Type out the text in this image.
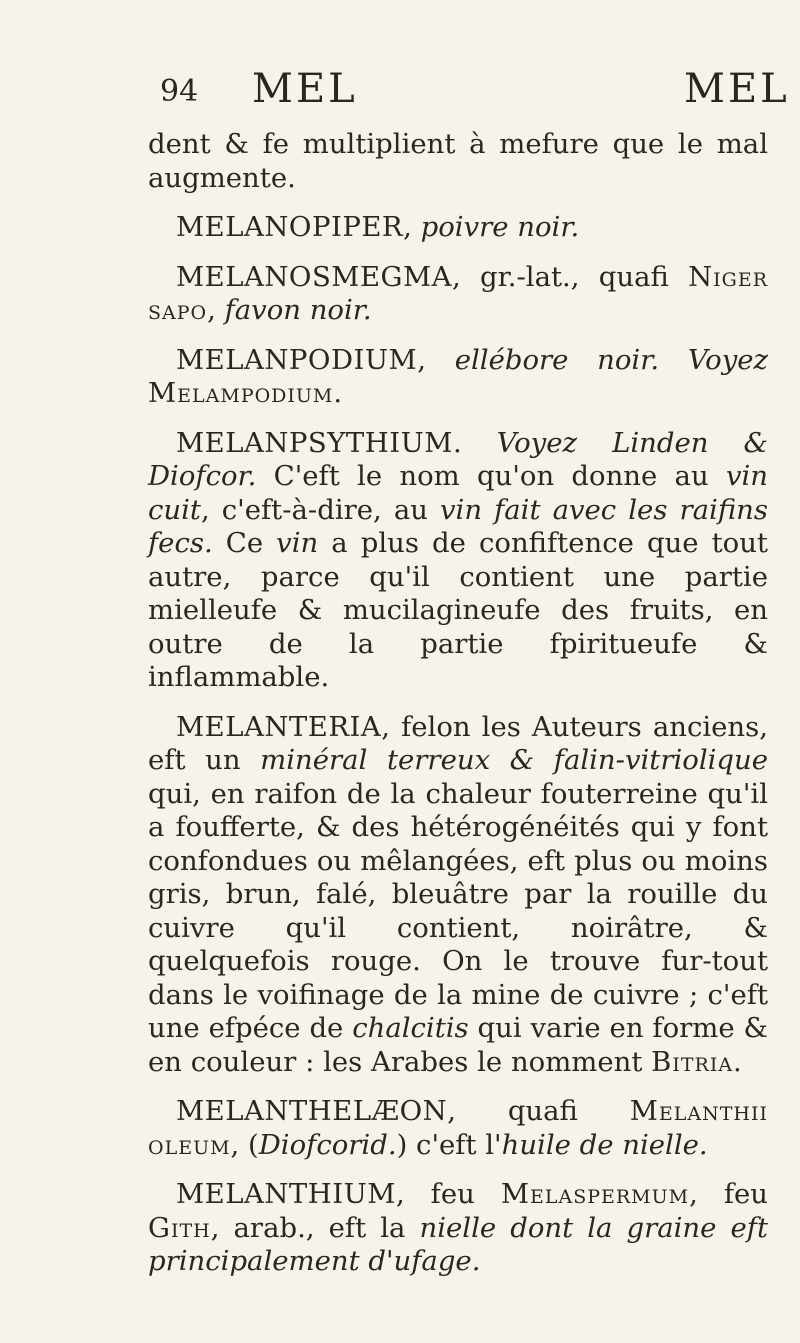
94 MEL	MEL

dent & fe multiplient à mefure que le mal augmente.

MELANOPIPER, poivre noir.

MELANOSMEGMA, gr.-lat., quafi Niger sapo, favon noir.

MELANPODIUM, ellébore noir. Voyez Melampodium.

MELANPSYTHIUM. Voyez Linden & Diofcor. C'eft le nom qu'on donne au vin cuit, c'eft-à-dire, au vin fait avec les raifins fecs. Ce vin a plus de confiftence que tout autre, parce qu'il contient une partie mielleufe & mucilagineufe des fruits, en outre de la partie fpiritueufe & inflammable.

MELANTERIA, felon les Auteurs anciens, eft un minéral terreux & falin-vitriolique qui, en raifon de la chaleur fouterreine qu'il a foufferte, & des hétérogénéités qui y font confondues ou mêlangées, eft plus ou moins gris, brun, falé, bleuâtre par la rouille du cuivre qu'il contient, noirâtre, & quelquefois rouge. On le trouve fur-tout dans le voifinage de la mine de cuivre ; c'eft une efpéce de chalcitis qui varie en forme & en couleur : les Arabes le nomment Bitria.

MELANTHELÆON, quafi Melanthii oleum, (Diofcorid.) c'eft l'huile de nielle.

MELANTHIUM, feu Melaspermum, feu Gith, arab., eft la nielle dont la graine eft principalement d'ufage.
